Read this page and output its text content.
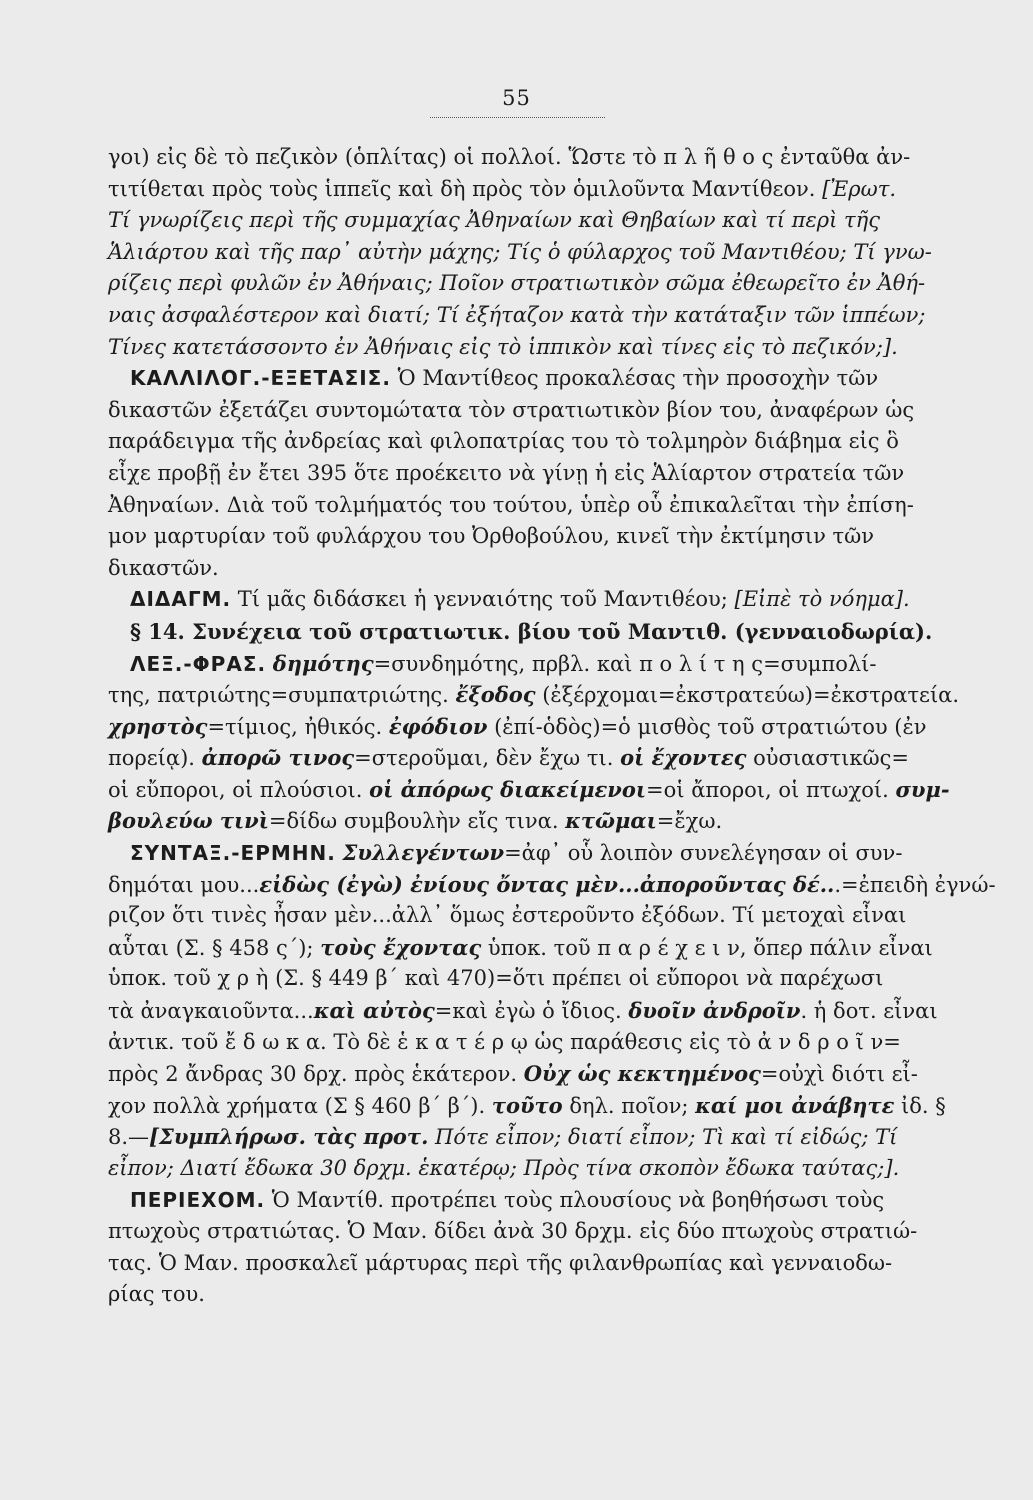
55
γοι) εἰς δὲ τὸ πεζικὸν (ὁπλίτας) οἱ πολλοί. Ὥστε τὸ π λ ῆ θ ο ς ἐνταῦθα ἀν-
τιτίθεται πρὸς τοὺς ἱππεῖς καὶ δὴ πρὸς τὸν ὁμιλοῦντα Μαντίθεον. [Ἐρωτ.
Τί γνωρίζεις περὶ τῆς συμμαχίας Ἀθηναίων καὶ Θηβαίων καὶ τί περὶ τῆς
Ἁλιάρτου καὶ τῆς παρ᾽ αὐτὴν μάχης; Τίς ὁ φύλαρχος τοῦ Μαντιθέου; Τί γνω-
ρίζεις περὶ φυλῶν ἐν Ἀθήναις; Ποῖον στρατιωτικὸν σῶμα ἐθεωρεῖτο ἐν Ἀθή-
ναις ἀσφαλέστερον καὶ διατί; Τί ἐξήταζον κατὰ τὴν κατάταξιν τῶν ἱππέων;
Τίνες κατετάσσοντο ἐν Ἀθήναις εἰς τὸ ἱππικὸν καὶ τίνες εἰς τὸ πεζικόν;].
ΚΑΛΛΙΛΟΓ.-ΕΞΕΤΑΣΙΣ. Ὁ Μαντίθεος προκαλέσας τὴν προσοχὴν τῶν
δικαστῶν ἐξετάζει συντομώτατα τὸν στρατιωτικὸν βίον του, ἀναφέρων ὡς
παράδειγμα τῆς ἀνδρείας καὶ φιλοπατρίας του τὸ τολμηρὸν διάβημα εἰς ὃ
εἶχε προβῇ ἐν ἔτει 395 ὅτε προέκειτο νὰ γίνῃ ἡ εἰς Ἁλίαρτον στρατεία τῶν
Ἀθηναίων. Διὰ τοῦ τολμήματός του τούτου, ὑπὲρ οὗ ἐπικαλεῖται τὴν ἐπίση-
μον μαρτυρίαν τοῦ φυλάρχου του Ὀρθοβούλου, κινεῖ τὴν ἐκτίμησιν τῶν
δικαστῶν.
ΔΙΔΑΓΜ. Τί μᾶς διδάσκει ἡ γενναιότης τοῦ Μαντιθέου; [Εἰπὲ τὸ νόημα].
§ 14. Συνέχεια τοῦ στρατιωτικ. βίου τοῦ Μαντιθ. (γενναιοδωρία).
ΛΕΞ.-ΦΡΑΣ. δημότης=συνδημότης, πρβλ. καὶ π ο λ ί τ η ς=συμπολί-
της, πατριώτης=συμπατριώτης. ἔξοδος (ἐξέρχομαι=ἐκστρατεύω)=ἐκστρατεία.
χρηστὸς=τίμιος, ἠθικός. ἐφόδιον (ἐπί-ὁδὸς)=ὁ μισθὸς τοῦ στρατιώτου (ἐν
πορείᾳ). ἀπορῶ τινος=στεροῦμαι, δὲν ἔχω τι. οἱ ἔχοντες οὐσιαστικῶς=
οἱ εὔποροι, οἱ πλούσιοι. οἱ ἀπόρως διακείμενοι=οἱ ἄποροι, οἱ πτωχοί. συμ-
βουλεύω τινὶ=δίδω συμβουλὴν εἴς τινα. κτῶμαι=ἔχω.
ΣΥΝΤΑΞ.-ΕΡΜΗΝ. Συλλεγέντων=ἀφ᾽ οὗ λοιπὸν συνελέγησαν οἱ συν-
δημόται μου...εἰδὼς (ἐγὼ) ἐνίους ὄντας μὲν...ἀποροῦντας δέ...=ἐπειδὴ ἐγνώ-
ριζον ὅτι τινὲς ἦσαν μὲν...ἀλλ᾽ ὅμως ἐστεροῦντο ἐξόδων. Τί μετοχαὶ εἶναι
αὗται (Σ. § 458 ς΄); τοὺς ἔχοντας ὑποκ. τοῦ π α ρ έ χ ε ι ν, ὅπερ πάλιν εἶναι
ὑποκ. τοῦ χ ρ ὴ (Σ. § 449 β΄ καὶ 470)=ὅτι πρέπει οἱ εὔποροι νὰ παρέχωσι
τὰ ἀναγκαιοῦντα...καὶ αὐτὸς=καὶ ἐγὼ ὁ ἴδιος. δυοῖν ἀνδροῖν. ἡ δοτ. εἶναι
ἀντικ. τοῦ ἔ δ ω κ α. Τὸ δὲ ἑ κ α τ έ ρ ῳ ὡς παράθεσις εἰς τὸ ἀ ν δ ρ ο ῖ ν=
πρὸς 2 ἄνδρας 30 δρχ. πρὸς ἑκάτερον. Οὐχ ὡς κεκτημένος=οὐχὶ διότι εἶ-
χον πολλὰ χρήματα (Σ § 460 β΄ β΄). τοῦτο δηλ. ποῖον; καί μοι ἀνάβητε ἰδ. §
8.—[Συμπλήρωσ. τὰς προτ. Πότε εἶπον; διατί εἶπον; Τὶ καὶ τί εἰδώς; Τί
εἶπον; Διατί ἔδωκα 30 δρχμ. ἑκατέρῳ; Πρὸς τίνα σκοπὸν ἔδωκα ταύτας;].
ΠΕΡΙΕΧΟΜ. Ὁ Μαντίθ. προτρέπει τοὺς πλουσίους νὰ βοηθήσωσι τοὺς
πτωχοὺς στρατιώτας. Ὁ Μαν. δίδει ἀνὰ 30 δρχμ. εἰς δύο πτωχοὺς στρατιώ-
τας. Ὁ Μαν. προσκαλεῖ μάρτυρας περὶ τῆς φιλανθρωπίας καὶ γενναιοδω-
ρίας του.
